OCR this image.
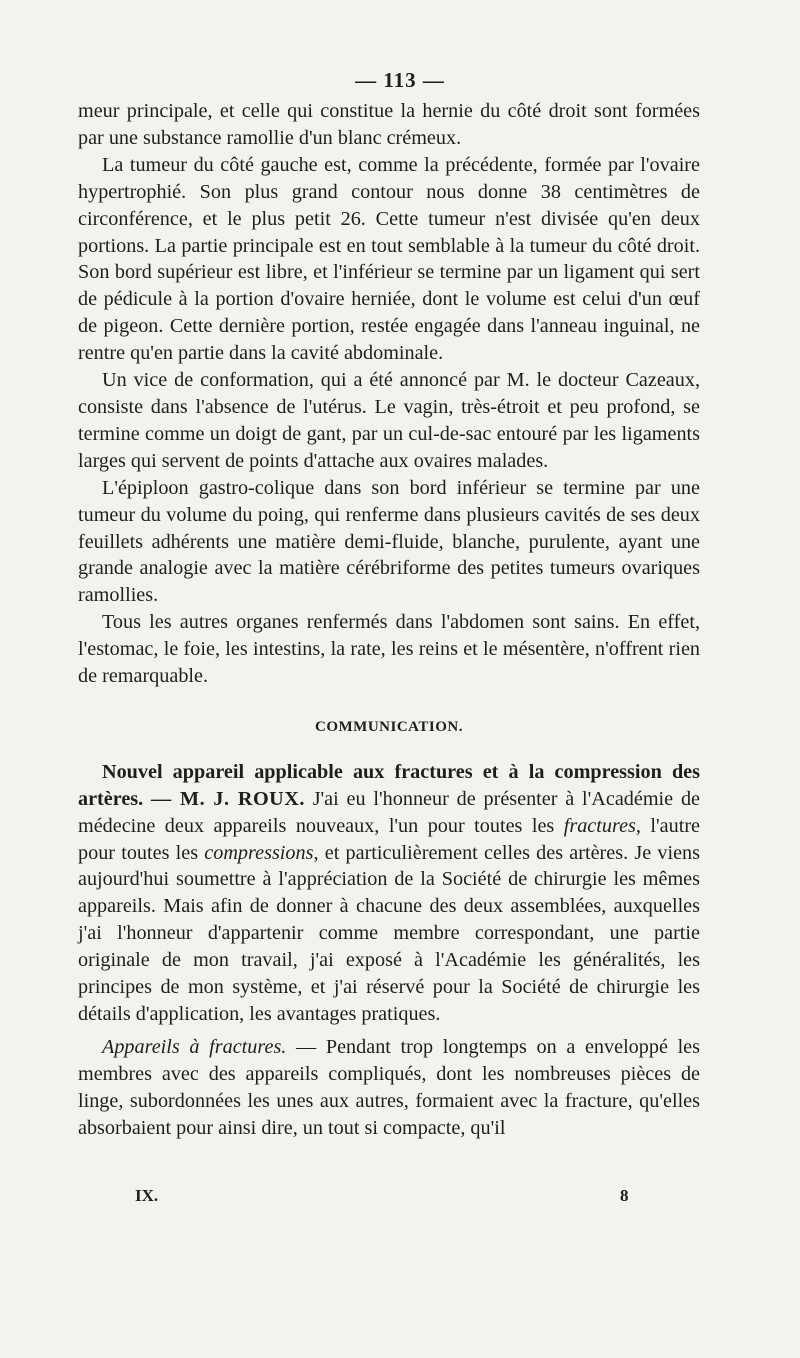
— 113 —

meur principale, et celle qui constitue la hernie du côté droit sont formées par une substance ramollie d'un blanc crémeux.

La tumeur du côté gauche est, comme la précédente, formée par l'ovaire hypertrophié. Son plus grand contour nous donne 38 centimètres de circonférence, et le plus petit 26. Cette tumeur n'est divisée qu'en deux portions. La partie principale est en tout semblable à la tumeur du côté droit. Son bord supérieur est libre, et l'inférieur se termine par un ligament qui sert de pédicule à la portion d'ovaire herniée, dont le volume est celui d'un œuf de pigeon. Cette dernière portion, restée engagée dans l'anneau inguinal, ne rentre qu'en partie dans la cavité abdominale.

Un vice de conformation, qui a été annoncé par M. le docteur Cazeaux, consiste dans l'absence de l'utérus. Le vagin, très-étroit et peu profond, se termine comme un doigt de gant, par un cul-de-sac entouré par les ligaments larges qui servent de points d'attache aux ovaires malades.

L'épiploon gastro-colique dans son bord inférieur se termine par une tumeur du volume du poing, qui renferme dans plusieurs cavités de ses deux feuillets adhérents une matière demi-fluide, blanche, purulente, ayant une grande analogie avec la matière cérébriforme des petites tumeurs ovariques ramollies.

Tous les autres organes renfermés dans l'abdomen sont sains. En effet, l'estomac, le foie, les intestins, la rate, les reins et le mésentère, n'offrent rien de remarquable.

COMMUNICATION.

Nouvel appareil applicable aux fractures et à la compression des artères. — M. J. ROUX. J'ai eu l'honneur de présenter à l'Académie de médecine deux appareils nouveaux, l'un pour toutes les fractures, l'autre pour toutes les compressions, et particulièrement celles des artères. Je viens aujourd'hui soumettre à l'appréciation de la Société de chirurgie les mêmes appareils. Mais afin de donner à chacune des deux assemblées, auxquelles j'ai l'honneur d'appartenir comme membre correspondant, une partie originale de mon travail, j'ai exposé à l'Académie les généralités, les principes de mon système, et j'ai réservé pour la Société de chirurgie les détails d'application, les avantages pratiques.

Appareils à fractures. — Pendant trop longtemps on a enveloppé les membres avec des appareils compliqués, dont les nombreuses pièces de linge, subordonnées les unes aux autres, formaient avec la fracture, qu'elles absorbaient pour ainsi dire, un tout si compacte, qu'il

IX.	8
